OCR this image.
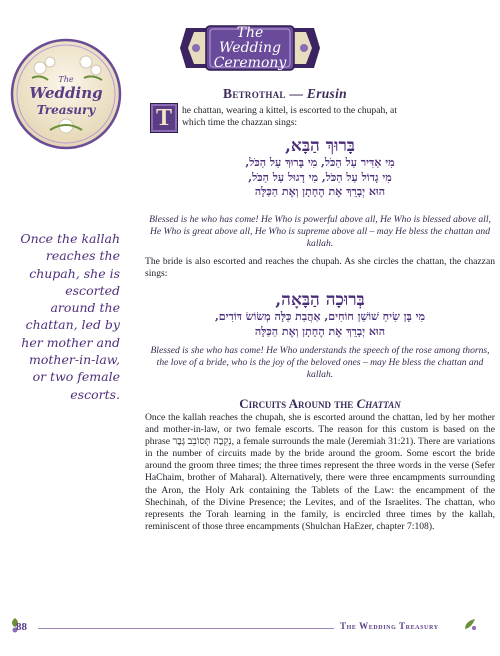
The
Wedding
Treasury
The Wedding
Ceremony
Betrothal — Erusin
T	he chattan, wearing a kittel, is escorted to the chupah, at
which time the chazzan sings:
בָּרוּךְ הַבָּא,
מִי אַדִּיר עַל הַכֹּל, מִי בָּרוּךְ עַל הַכֹּל,
מִי גָדוֹל עַל הַכֹּל, מִי דָגוּל עַל הַכֹּל,
הוּא יְבָרֵךְ אֶת הֶחָתָן וְאֶת הַכַּלָּה
Blessed is he who has come! He Who is powerful above all, He Who is blessed above all, He Who is great above all, He Who is supreme above all – may He bless the chattan and kallah.
The bride is also escorted and reaches the chupah. As she circles the chattan, the chazzan sings:
בְּרוּכָה הַבָּאָה,
מִי בָּן שִׂיחַ שׁוֹשַׁן חוֹחִים, אַהֲבַת כַּלָּה מְשׂוֹשׂ דּוֹדִים,
הוּא יְבָרֵךְ אֶת הֶחָתָן וְאֶת הַכַּלָּה
Blessed is she who has come! He Who understands the speech of the rose among thorns, the love of a bride, who is the joy of the beloved ones – may He bless the chattan and kallah.
Circuits Around the Chattan
Once the kallah reaches the chupah, she is escorted around the chattan, led by her mother and mother-in-law, or two female escorts. The reason for this custom is based on the phrase נְקֵבָה תְּסוֹבֵב גָּבֶר, a female surrounds the male (Jeremiah 31:21). There are variations in the number of circuits made by the bride around the groom. Some escort the bride around the groom three times; the three times represent the three words in the verse (Sefer HaChaim, brother of Maharal). Alternatively, there were three encampments surrounding the Aron, the Holy Ark containing the Tablets of the Law: the encampment of the Shechinah, of the Divine Presence; the Levites, and of the Israelites. The chattan, who represents the Torah learning in the family, is encircled three times by the kallah, reminiscent of those three encampments (Shulchan HaEzer, chapter 7:108).
Once the kallah reaches the chupah, she is escorted around the chattan, led by her mother and mother-in-law, or two female escorts.
88	The Wedding Treasury
